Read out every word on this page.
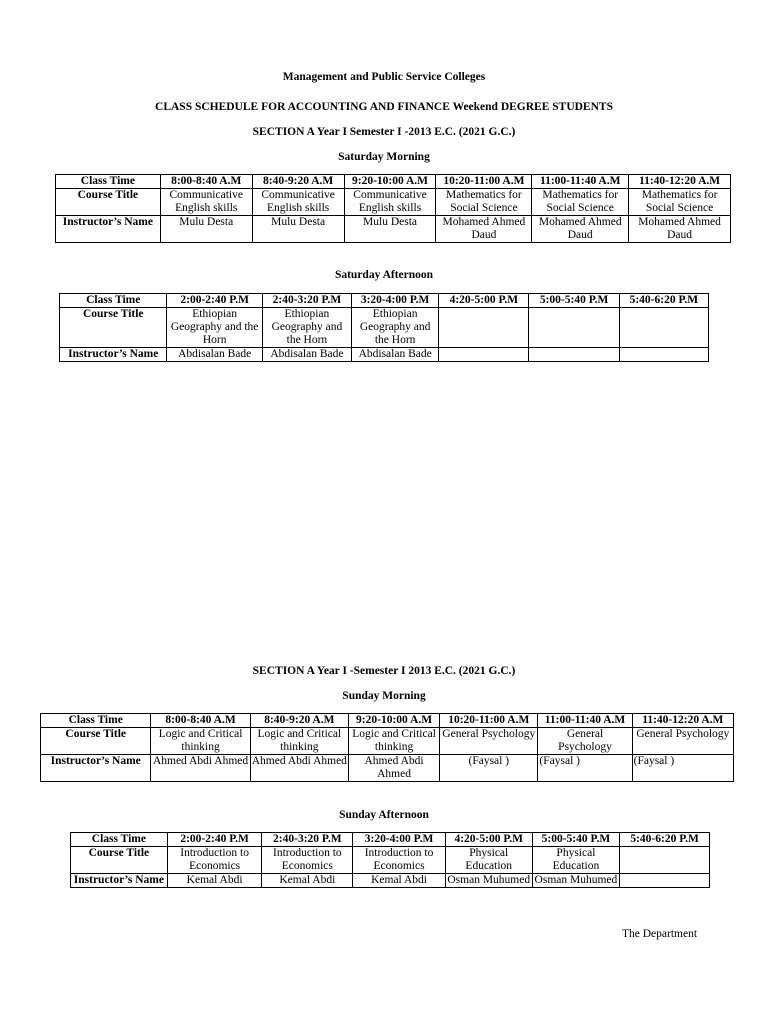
Management and Public Service Colleges
CLASS SCHEDULE FOR ACCOUNTING AND FINANCE Weekend DEGREE STUDENTS
SECTION A Year I Semester I -2013 E.C. (2021 G.C.)
Saturday Morning
Class Time	8:00-8:40 A.M	8:40-9:20 A.M	9:20-10:00 A.M	10:20-11:00 A.M	11:00-11:40 A.M	11:40-12:20 A.M
Course Title	Communicative English skills	Communicative English skills	Communicative English skills	Mathematics for Social Science	Mathematics for Social Science	Mathematics for Social Science
Instructor’s Name	Mulu Desta	Mulu Desta	Mulu Desta	Mohamed Ahmed Daud	Mohamed Ahmed Daud	Mohamed Ahmed Daud
Saturday Afternoon
Class Time	2:00-2:40 P.M	2:40-3:20 P.M	3:20-4:00 P.M	4:20-5:00 P.M	5:00-5:40 P.M	5:40-6:20 P.M
Course Title	Ethiopian Geography and the Horn	Ethiopian Geography and the Horn	Ethiopian Geography and the Horn			
Instructor’s Name	Abdisalan Bade	Abdisalan Bade	Abdisalan Bade			
SECTION A Year I -Semester I 2013 E.C. (2021 G.C.)
Sunday Morning
Class Time	8:00-8:40 A.M	8:40-9:20 A.M	9:20-10:00 A.M	10:20-11:00 A.M	11:00-11:40 A.M	11:40-12:20 A.M
Course Title	Logic and Critical thinking	Logic and Critical thinking	Logic and Critical thinking	General Psychology	General Psychology	General Psychology
Instructor’s Name	Ahmed Abdi Ahmed	Ahmed Abdi Ahmed	Ahmed Abdi Ahmed	(Faysal )	(Faysal )	(Faysal )
Sunday Afternoon
Class Time	2:00-2:40 P.M	2:40-3:20 P.M	3:20-4:00 P.M	4:20-5:00 P.M	5:00-5:40 P.M	5:40-6:20 P.M
Course Title	Introduction to Economics	Introduction to Economics	Introduction to Economics	Physical Education	Physical Education	
Instructor’s Name	Kemal Abdi	Kemal Abdi	Kemal Abdi	Osman Muhumed	Osman Muhumed	
The Department
